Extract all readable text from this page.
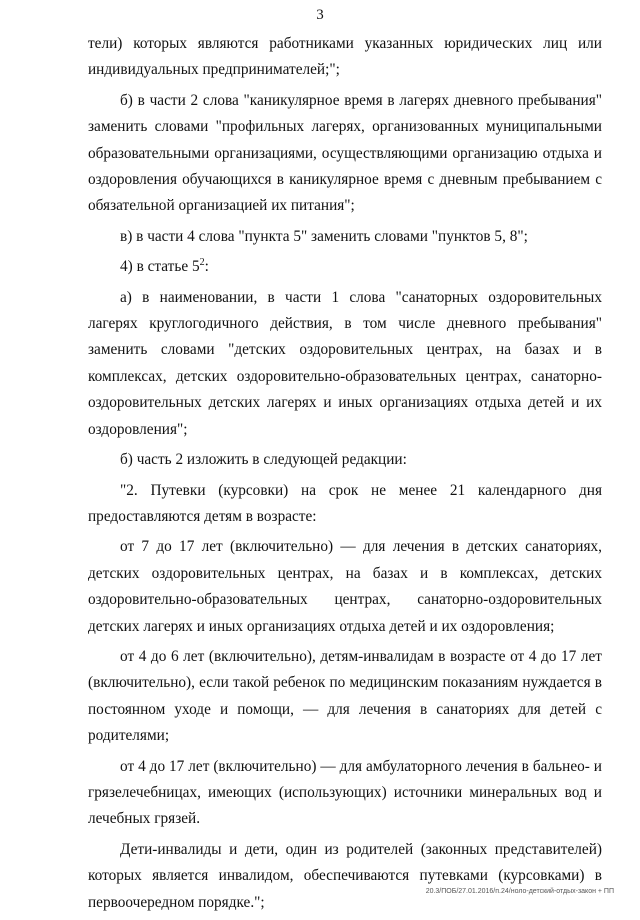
3

тели) которых являются работниками указанных юридических лиц или индивидуальных предпринимателей;";

б) в части 2 слова "каникулярное время в лагерях дневного пребывания" заменить словами "профильных лагерях, организованных муниципальными образовательными организациями, осуществляющими организацию отдыха и оздоровления обучающихся в каникулярное время с дневным пребыванием с обязательной организацией их питания";

в) в части 4 слова "пункта 5" заменить словами "пунктов 5, 8";

4) в статье $5^2$:

а) в наименовании, в части 1 слова "санаторных оздоровительных лагерях круглогодичного действия, в том числе дневного пребывания" заменить словами "детских оздоровительных центрах, на базах и в комплексах, детских оздоровительно-образовательных центрах, санаторно-оздоровительных детских лагерях и иных организациях отдыха детей и их оздоровления";

б) часть 2 изложить в следующей редакции:

"2. Путевки (курсовки) на срок не менее 21 календарного дня предоставляются детям в возрасте:

от 7 до 17 лет (включительно) — для лечения в детских санаториях, детских оздоровительных центрах, на базах и в комплексах, детских оздоровительно-образовательных центрах, санаторно-оздоровительных детских лагерях и иных организациях отдыха детей и их оздоровления;

от 4 до 6 лет (включительно), детям-инвалидам в возрасте от 4 до 17 лет (включительно), если такой ребенок по медицинским показаниям нуждается в постоянном уходе и помощи, — для лечения в санаториях для детей с родителями;

от 4 до 17 лет (включительно) — для амбулаторного лечения в бальнео- и грязелечебницах, имеющих (использующих) источники минеральных вод и лечебных грязей.

Дети-инвалиды и дети, один из родителей (законных представителей) которых является инвалидом, обеспечиваются путевками (курсовками) в первоочередном порядке.";

20.3/ПОБ/27.01.2016/п.24/ноло-детский-отдых-закон + ПП
